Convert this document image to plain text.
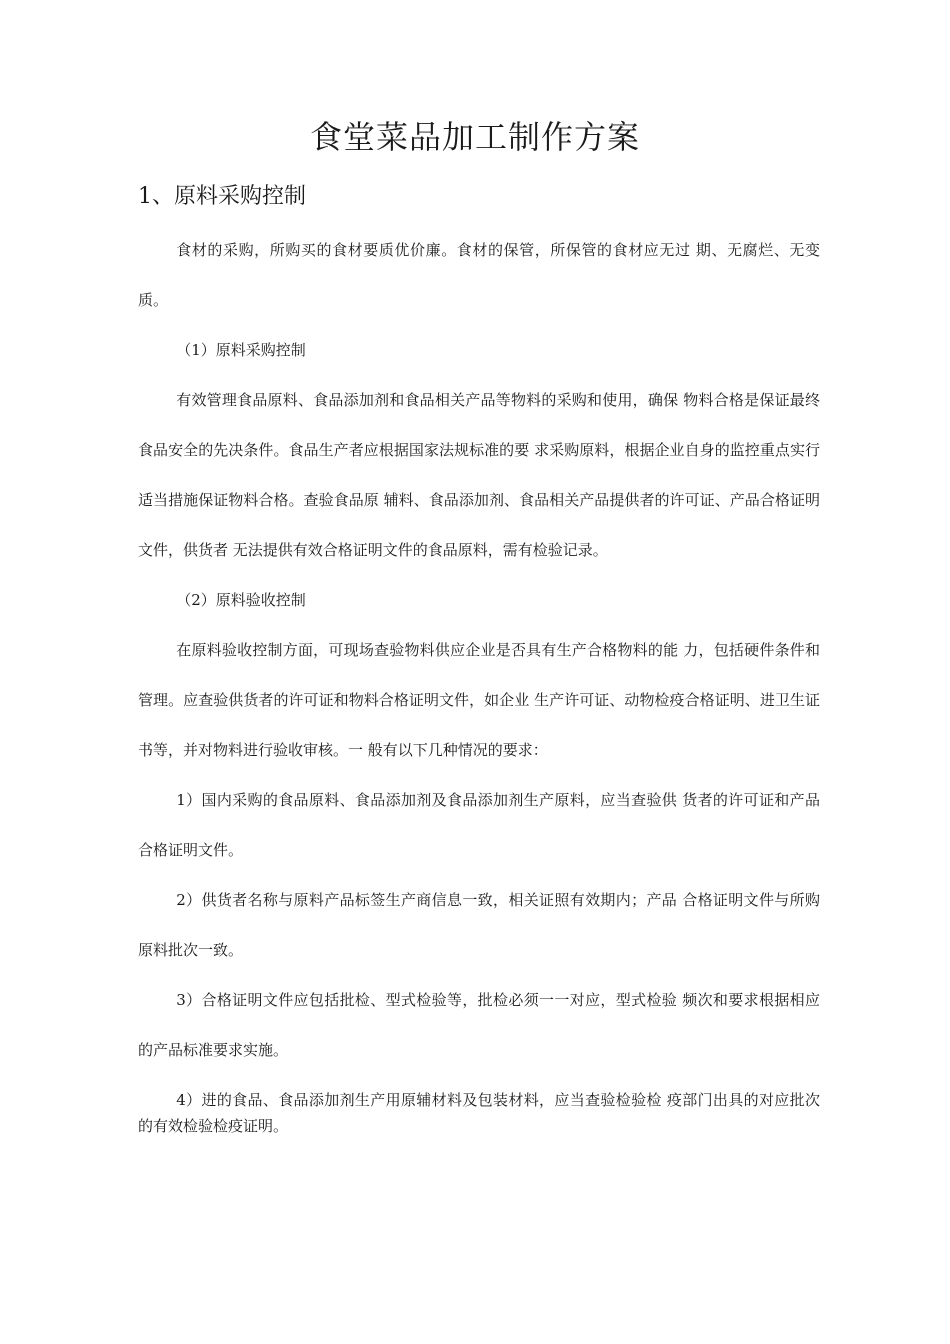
食堂菜品加工制作方案
1、原料采购控制

食材的采购，所购买的食材要质优价廉。食材的保管，所保管的食材应无过 期、无腐烂、无变质。

（1）原料采购控制

有效管理食品原料、食品添加剂和食品相关产品等物料的采购和使用，确保 物料合格是保证最终食品安全的先决条件。食品生产者应根据国家法规标准的要 求采购原料，根据企业自身的监控重点实行适当措施保证物料合格。查验食品原 辅料、食品添加剂、食品相关产品提供者的许可证、产品合格证明文件，供货者 无法提供有效合格证明文件的食品原料，需有检验记录。

（2）原料验收控制

在原料验收控制方面，可现场查验物料供应企业是否具有生产合格物料的能 力，包括硬件条件和管理。应查验供货者的许可证和物料合格证明文件，如企业 生产许可证、动物检疫合格证明、进卫生证书等，并对物料进行验收审核。一 般有以下几种情况的要求：

1）国内采购的食品原料、食品添加剂及食品添加剂生产原料，应当查验供 货者的许可证和产品合格证明文件。

2）供货者名称与原料产品标签生产商信息一致，相关证照有效期内；产品 合格证明文件与所购原料批次一致。

3）合格证明文件应包括批检、型式检验等，批检必须一一对应，型式检验 频次和要求根据相应的产品标准要求实施。

4）进的食品、食品添加剂生产用原辅材料及包装材料，应当查验检验检 疫部门出具的对应批次的有效检验检疫证明。
